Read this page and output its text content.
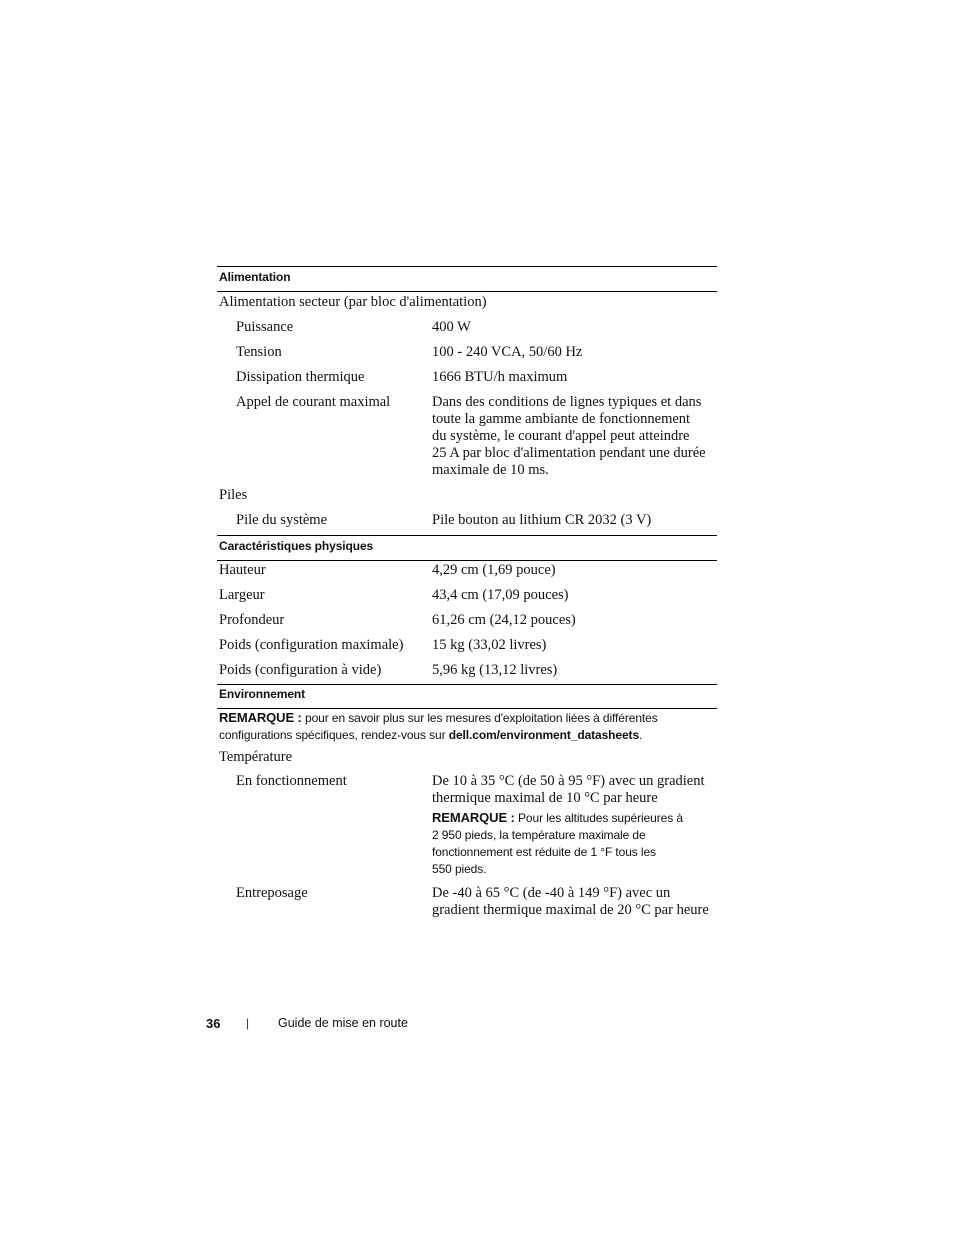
Alimentation
Alimentation secteur (par bloc d'alimentation)
Puissance	400 W
Tension	100 - 240 VCA, 50/60 Hz
Dissipation thermique	1666 BTU/h maximum
Appel de courant maximal	Dans des conditions de lignes typiques et dans
toute la gamme ambiante de fonctionnement
du système, le courant d'appel peut atteindre
25 A par bloc d'alimentation pendant une durée
maximale de 10 ms.
Piles
Pile du système	Pile bouton au lithium CR 2032 (3 V)
Caractéristiques physiques
Hauteur	4,29 cm (1,69 pouce)
Largeur	43,4 cm (17,09 pouces)
Profondeur	61,26 cm (24,12 pouces)
Poids (configuration maximale) 15 kg (33,02 livres)
Poids (configuration à vide)	5,96 kg (13,12 livres)
Environnement
REMARQUE : pour en savoir plus sur les mesures d'exploitation liées à différentes
configurations spécifiques, rendez-vous sur dell.com/environment_datasheets.
Température
En fonctionnement	De 10 à 35 °C (de 50 à 95 °F) avec un gradient
thermique maximal de 10 °C par heure
REMARQUE : Pour les altitudes supérieures à
2 950 pieds, la température maximale de
fonctionnement est réduite de 1 °F tous les
550 pieds.
Entreposage	De -40 à 65 °C (de -40 à 149 °F) avec un
gradient thermique maximal de 20 °C par heure
36 | Guide de mise en route
